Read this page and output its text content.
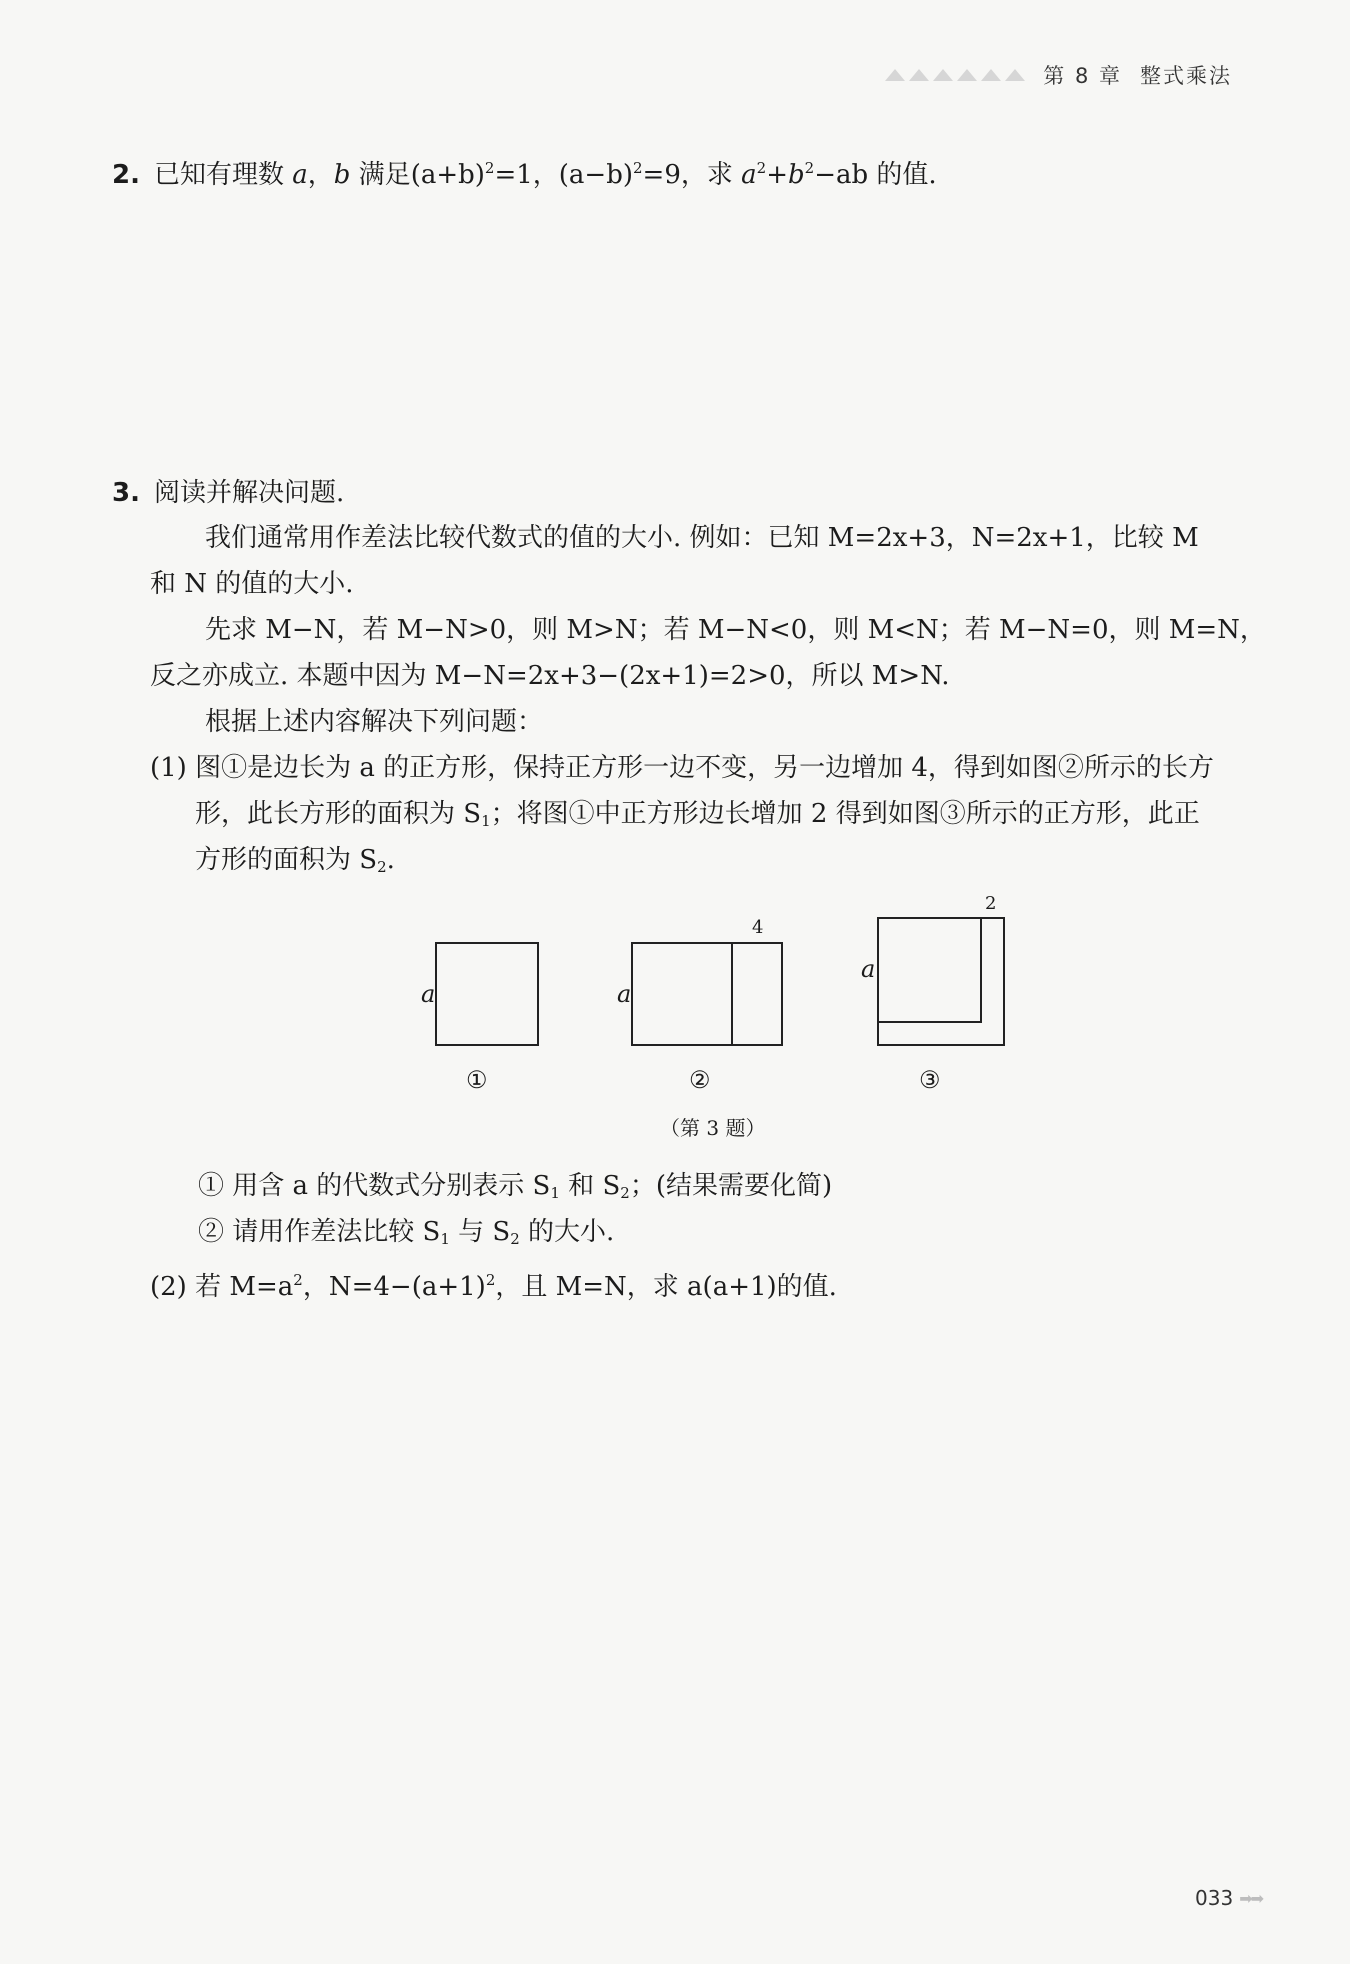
第 8 章 整式乘法
2. 已知有理数 a，b 满足$(a+b)^2=1$，$(a-b)^2=9$，求 $a^2+b^2-ab$ 的值.
3. 阅读并解决问题.
我们通常用作差法比较代数式的值的大小. 例如：已知 M=2x+3，N=2x+1，比较 M
和 N 的值的大小.
先求 M−N，若 M−N>0，则 M>N；若 M−N<0，则 M<N；若 M−N=0，则 M=N，
反之亦成立. 本题中因为 M−N=2x+3−(2x+1)=2>0，所以 M>N.
根据上述内容解决下列问题：
(1) 图①是边长为 a 的正方形，保持正方形一边不变，另一边增加 4，得到如图②所示的长方
形，此长方形的面积为 $S_1$；将图①中正方形边长增加 2 得到如图③所示的正方形，此正
方形的面积为 $S_2$.
a	a
4
a
2
①	②	③
（第 3 题）
① 用含 a 的代数式分别表示 $S_1$ 和 $S_2$；(结果需要化简)
② 请用作差法比较 $S_1$ 与 $S_2$ 的大小.
(2) 若 $M=a^2$，$N=4-(a+1)^2$，且 M=N，求 a(a+1)的值.
033 ➡➡
